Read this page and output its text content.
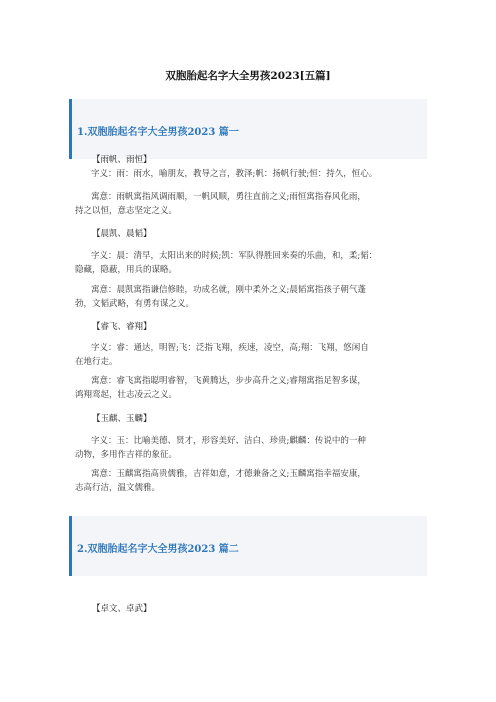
双胞胎起名字大全男孩2023[五篇]
1.双胞胎起名字大全男孩2023 篇一
【雨帆、雨恒】
字义：雨：雨水，喻朋友，教导之言，教泽;帆：扬帆行驶;恒：持久，恒心。
寓意：雨帆寓指风调雨顺，一帆风顺，勇往直前之义;雨恒寓指春风化雨，
持之以恒，意志坚定之义。
【晨凯、晨韬】
字义：晨：清早，太阳出来的时候;凯：军队得胜回来奏的乐曲，和，柔;韬：
隐藏，隐蔽，用兵的谋略。
寓意：晨凯寓指谦信修睦，功成名就，刚中柔外之义;晨韬寓指孩子朝气蓬
勃，文韬武略，有勇有谋之义。
【睿飞、睿翔】
字义：睿：通达，明智;飞：泛指飞翔，疾速，凌空，高;翔：飞翔，悠闲自
在地行走。
寓意：睿飞寓指聪明睿智，飞黄腾达，步步高升之义;睿翔寓指足智多谋，
鸿翔鸾起，壮志凌云之义。
【玉麒、玉麟】
字义：玉：比喻美德、贤才，形容美好、洁白、珍贵;麒麟：传说中的一种
动物，多用作吉祥的象征。
寓意：玉麒寓指高贵儒雅，吉祥如意，才德兼备之义;玉麟寓指幸福安康，
志高行洁，温文儒雅。
2.双胞胎起名字大全男孩2023 篇二
【卓文、卓武】
